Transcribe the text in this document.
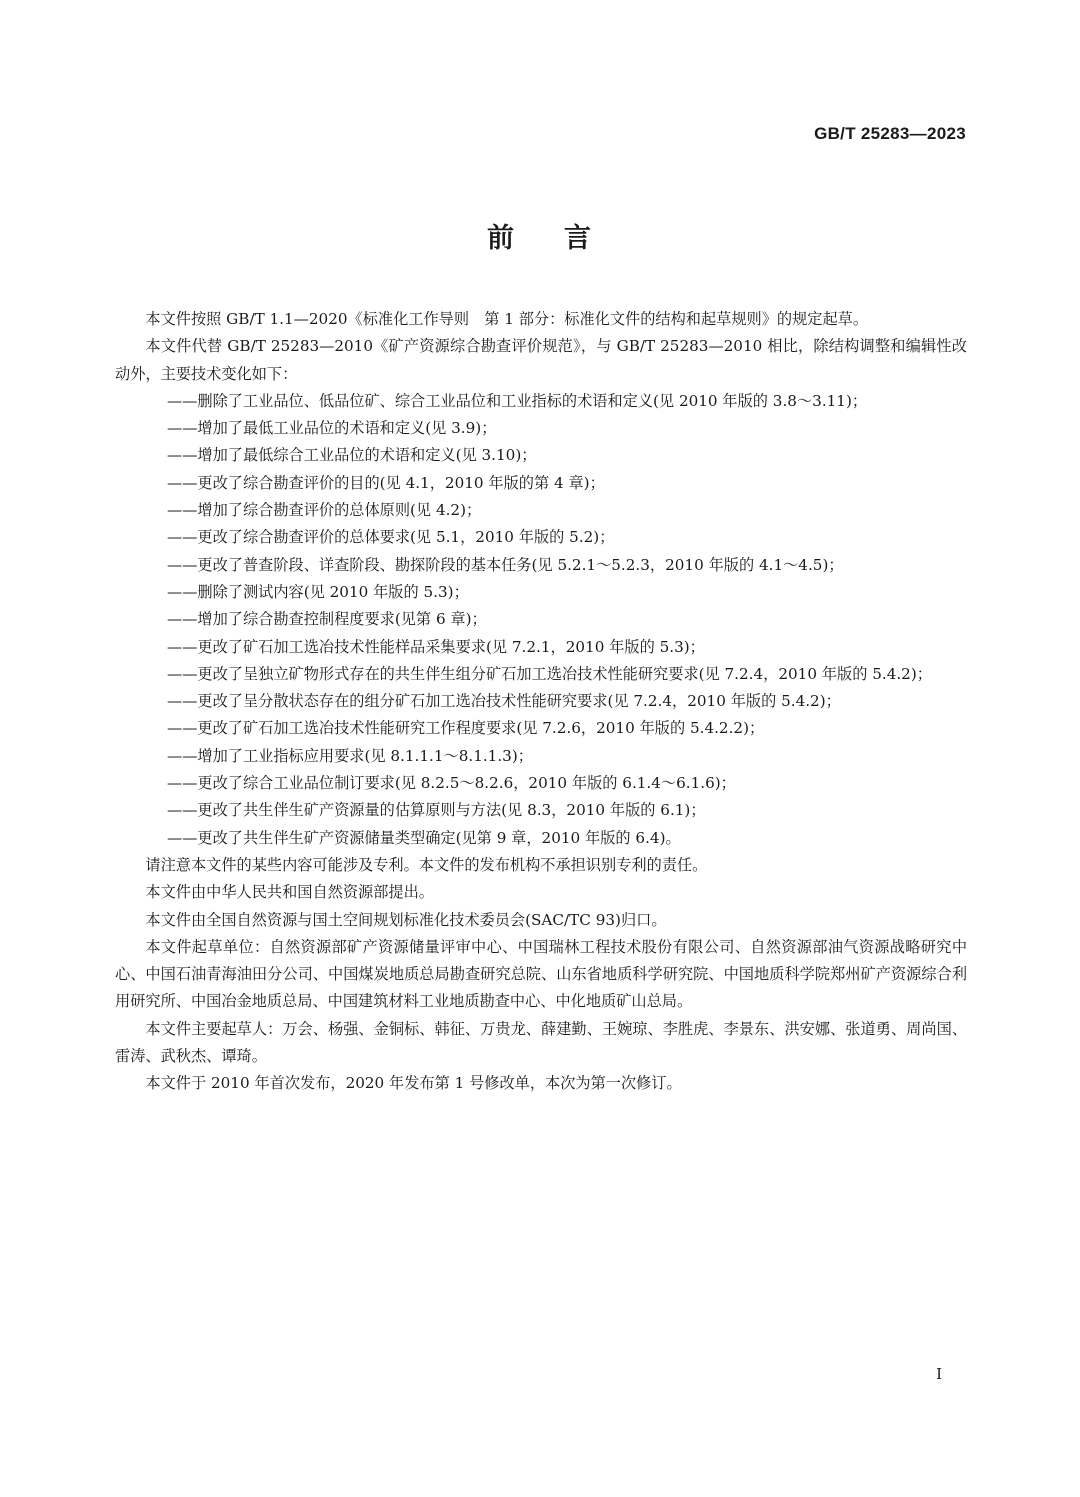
GB/T 25283—2023
前 言

本文件按照 GB/T 1.1—2020《标准化工作导则　第 1 部分：标准化文件的结构和起草规则》的规定起草。

本文件代替 GB/T 25283—2010《矿产资源综合勘查评价规范》，与 GB/T 25283—2010 相比，除结构调整和编辑性改动外，主要技术变化如下：

——删除了工业品位、低品位矿、综合工业品位和工业指标的术语和定义(见 2010 年版的 3.8～3.11)；

——增加了最低工业品位的术语和定义(见 3.9)；

——增加了最低综合工业品位的术语和定义(见 3.10)；

——更改了综合勘查评价的目的(见 4.1，2010 年版的第 4 章)；

——增加了综合勘查评价的总体原则(见 4.2)；

——更改了综合勘查评价的总体要求(见 5.1，2010 年版的 5.2)；

——更改了普查阶段、详查阶段、勘探阶段的基本任务(见 5.2.1～5.2.3，2010 年版的 4.1～4.5)；

——删除了测试内容(见 2010 年版的 5.3)；

——增加了综合勘查控制程度要求(见第 6 章)；

——更改了矿石加工选冶技术性能样品采集要求(见 7.2.1，2010 年版的 5.3)；

——更改了呈独立矿物形式存在的共生伴生组分矿石加工选冶技术性能研究要求(见 7.2.4，2010 年版的 5.4.2)；

——更改了呈分散状态存在的组分矿石加工选冶技术性能研究要求(见 7.2.4，2010 年版的 5.4.2)；

——更改了矿石加工选冶技术性能研究工作程度要求(见 7.2.6，2010 年版的 5.4.2.2)；

——增加了工业指标应用要求(见 8.1.1.1～8.1.1.3)；

——更改了综合工业品位制订要求(见 8.2.5～8.2.6，2010 年版的 6.1.4～6.1.6)；

——更改了共生伴生矿产资源量的估算原则与方法(见 8.3，2010 年版的 6.1)；

——更改了共生伴生矿产资源储量类型确定(见第 9 章，2010 年版的 6.4)。

请注意本文件的某些内容可能涉及专利。本文件的发布机构不承担识别专利的责任。

本文件由中华人民共和国自然资源部提出。

本文件由全国自然资源与国土空间规划标准化技术委员会(SAC/TC 93)归口。

本文件起草单位：自然资源部矿产资源储量评审中心、中国瑞林工程技术股份有限公司、自然资源部油气资源战略研究中心、中国石油青海油田分公司、中国煤炭地质总局勘查研究总院、山东省地质科学研究院、中国地质科学院郑州矿产资源综合利用研究所、中国冶金地质总局、中国建筑材料工业地质勘查中心、中化地质矿山总局。

本文件主要起草人：万会、杨强、金铜标、韩征、万贵龙、薛建勤、王婉琼、李胜虎、李景东、洪安娜、张道勇、周尚国、雷涛、武秋杰、谭琦。

本文件于 2010 年首次发布，2020 年发布第 1 号修改单，本次为第一次修订。

I
